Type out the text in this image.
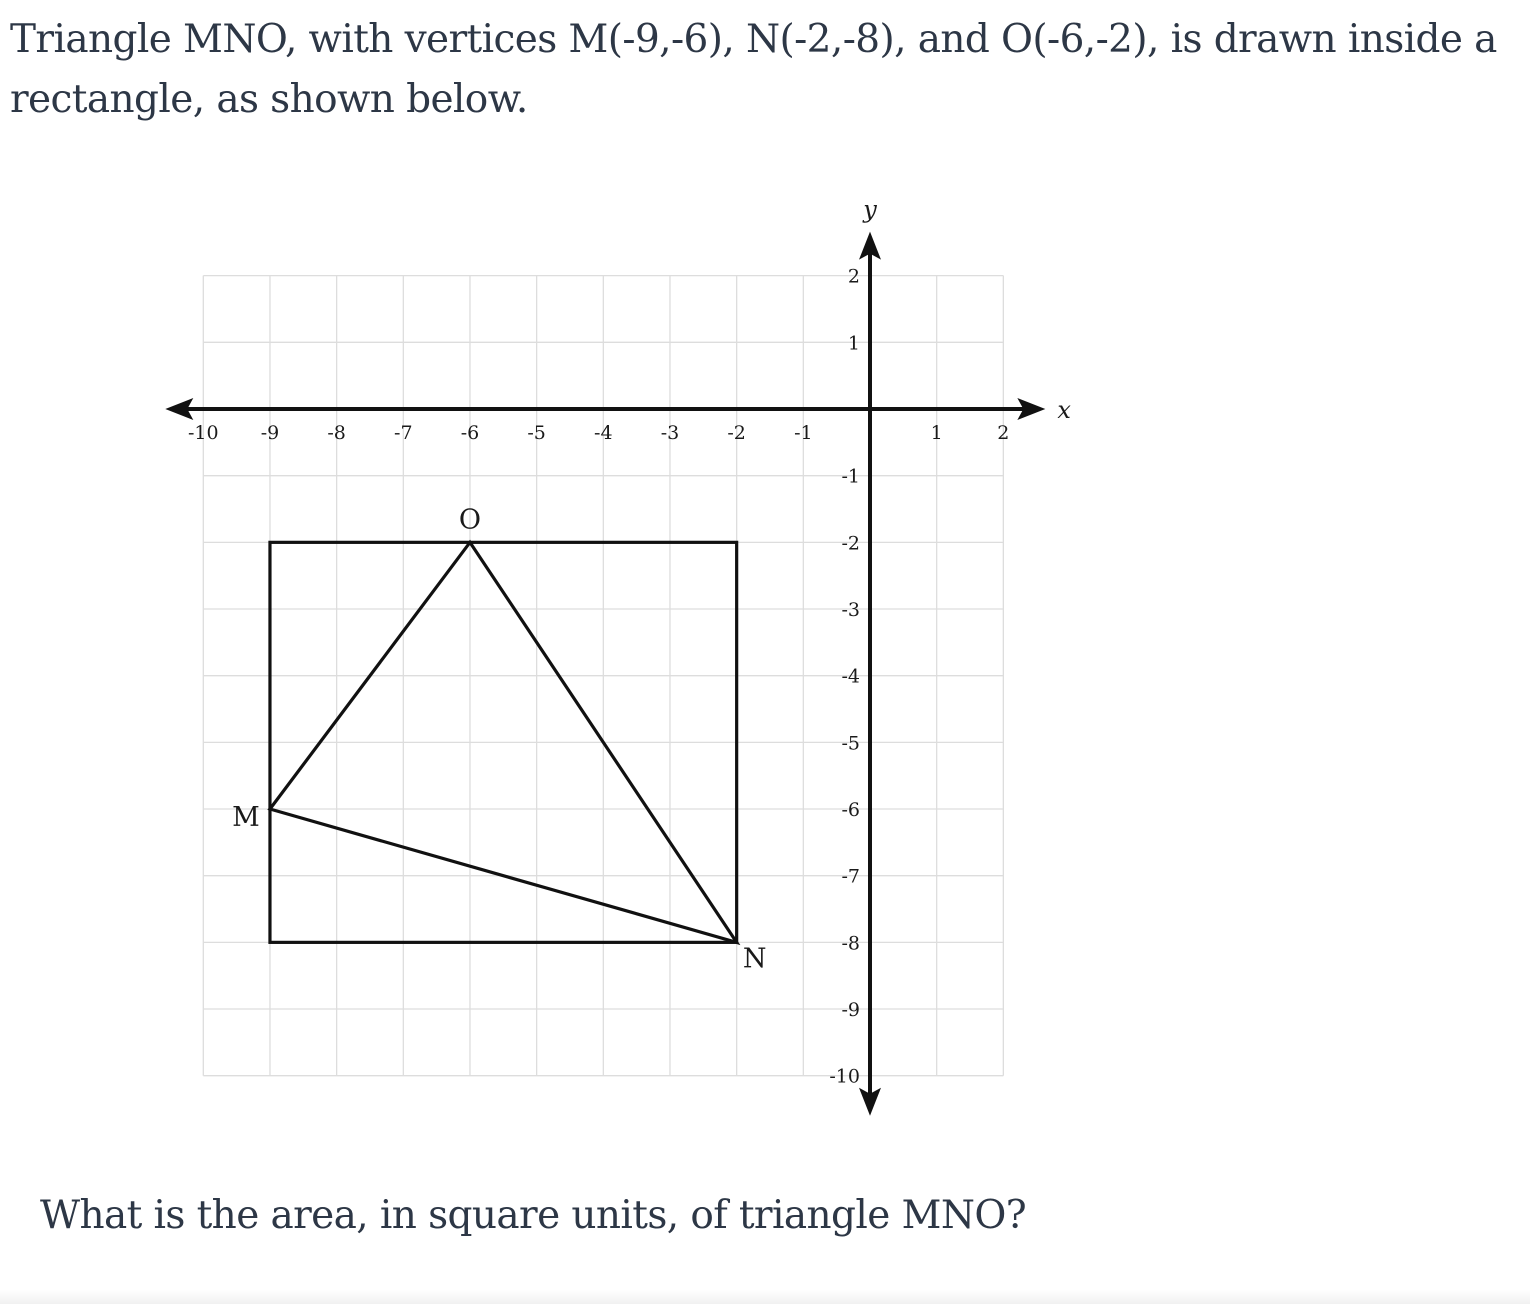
Triangle MNO, with vertices M(-9,-6), N(-2,-8), and O(-6,-2), is drawn inside a rectangle, as shown below.

x
y
-10 -9	-8	-7	-6	-5	-4	-3	-2	-1	1	2
2
1
-1
-2
-3
-4
-5
-6
-7
-8
-9
-10
M
N
O

What is the area, in square units, of triangle MNO?
